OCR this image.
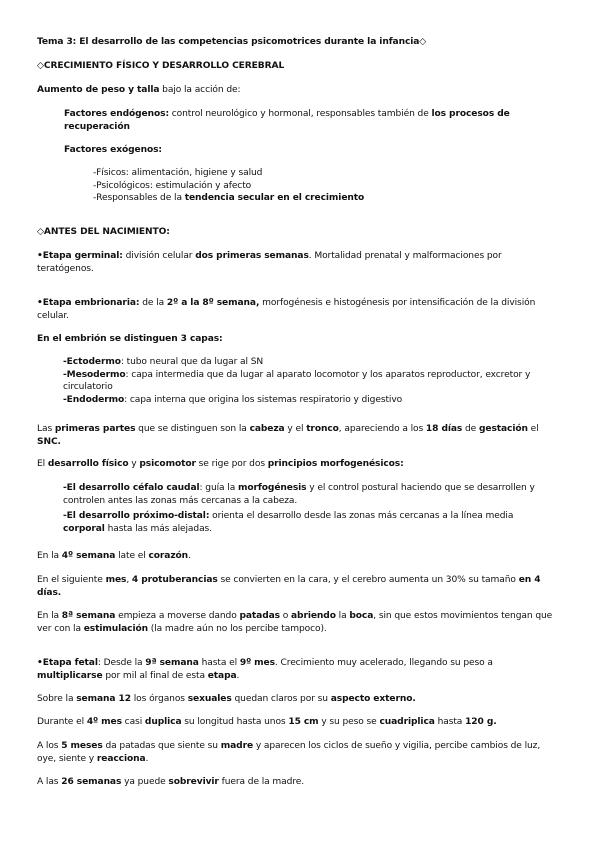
Tema 3: El desarrollo de las competencias psicomotrices durante la infancia◇
◇CRECIMIENTO FÍSICO Y DESARROLLO CEREBRAL
Aumento de peso y talla bajo la acción de:
Factores endógenos: control neurológico y hormonal, responsables también de los procesos de
recuperación
Factores exógenos:
-Físicos: alimentación, higiene y salud
-Psicológicos: estimulación y afecto
-Responsables de la tendencia secular en el crecimiento
◇ANTES DEL NACIMIENTO:
•Etapa germinal: división celular dos primeras semanas. Mortalidad prenatal y malformaciones por
teratógenos.
•Etapa embrionaria: de la 2º a la 8º semana, morfogénesis e histogénesis por intensificación de la división
celular.
En el embrión se distinguen 3 capas:
-Ectodermo: tubo neural que da lugar al SN
-Mesodermo: capa intermedia que da lugar al aparato locomotor y los aparatos reproductor, excretor y
circulatorio
-Endodermo: capa interna que origina los sistemas respiratorio y digestivo
Las primeras partes que se distinguen son la cabeza y el tronco, apareciendo a los 18 días de gestación el
SNC.
El desarrollo físico y psicomotor se rige por dos principios morfogenésicos:
-El desarrollo céfalo caudal: guía la morfogénesis y el control postural haciendo que se desarrollen y
controlen antes las zonas más cercanas a la cabeza.
-El desarrollo próximo-distal: orienta el desarrollo desde las zonas más cercanas a la línea media
corporal hasta las más alejadas.
En la 4º semana late el corazón.
En el siguiente mes, 4 protuberancias se convierten en la cara, y el cerebro aumenta un 30% su tamaño en 4
días.
En la 8ª semana empieza a moverse dando patadas o abriendo la boca, sin que estos movimientos tengan que
ver con la estimulación (la madre aún no los percibe tampoco).
•Etapa fetal: Desde la 9ª semana hasta el 9º mes. Crecimiento muy acelerado, llegando su peso a
multiplicarse por mil al final de esta etapa.
Sobre la semana 12 los órganos sexuales quedan claros por su aspecto externo.
Durante el 4º mes casi duplica su longitud hasta unos 15 cm y su peso se cuadriplica hasta 120 g.
A los 5 meses da patadas que siente su madre y aparecen los ciclos de sueño y vigilia, percibe cambios de luz,
oye, siente y reacciona.
A las 26 semanas ya puede sobrevivir fuera de la madre.
